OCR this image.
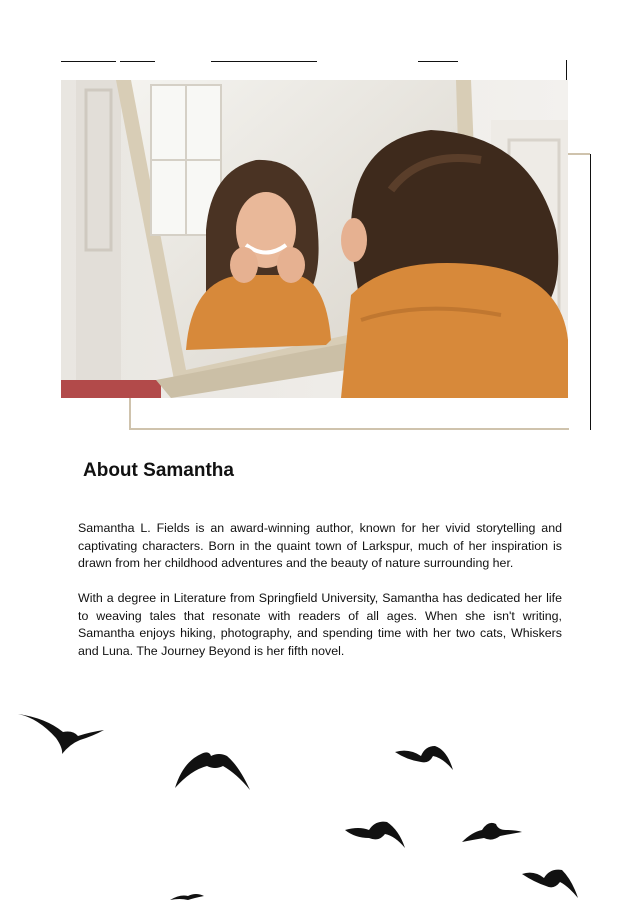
About Samantha

Samantha L. Fields is an award-winning author, known for her vivid storytelling and captivating characters. Born in the quaint town of Larkspur, much of her inspiration is drawn from her childhood adventures and the beauty of nature surrounding her.

With a degree in Literature from Springfield University, Samantha has dedicated her life to weaving tales that resonate with readers of all ages. When she isn't writing, Samantha enjoys hiking, photography, and spending time with her two cats, Whiskers and Luna. The Journey Beyond is her fifth novel.
